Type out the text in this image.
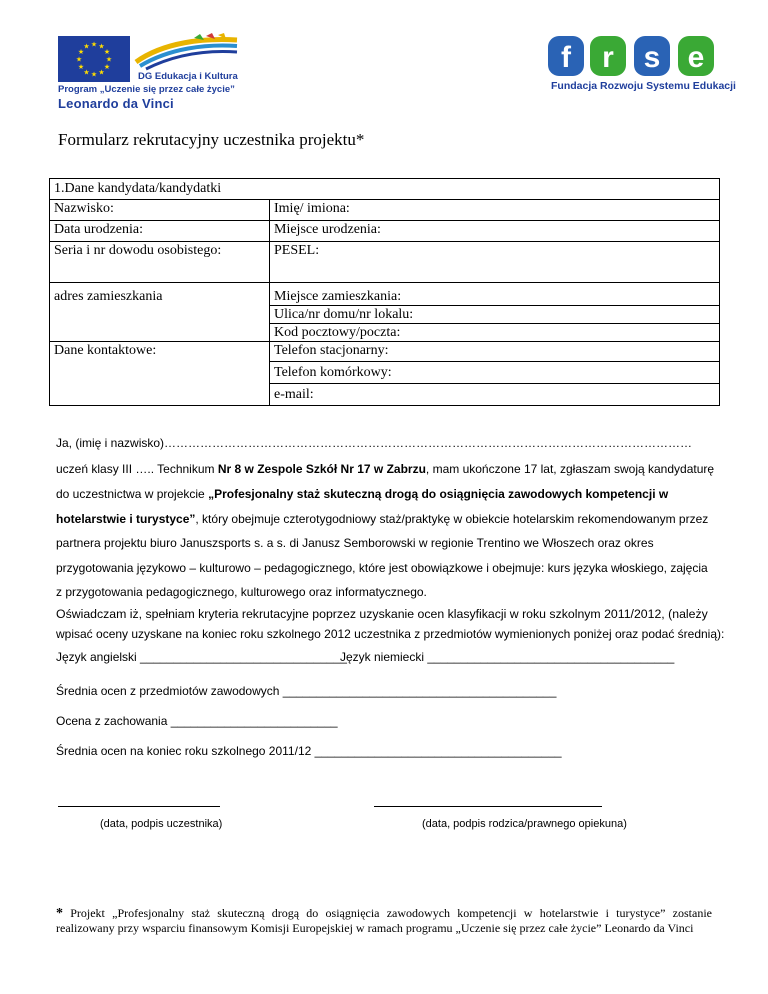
★ ★
★
★
★
★
★
★
★
★
★
★
DG Edukacja i Kultura
Program „Uczenie się przez całe życie”
Leonardo da Vinci
f r s e
Fundacja Rozwoju Systemu Edukacji
Formularz rekrutacyjny uczestnika projektu*
1.Dane kandydata/kandydatki	
Nazwisko:	Imię/ imiona:
Data urodzenia:	Miejsce urodzenia:
Seria i nr dowodu osobistego:	PESEL:
adres zamieszkania	Miejsce zamieszkania:
	Ulica/nr domu/nr lokalu:
	Kod pocztowy/poczta:
Dane kontaktowe:	Telefon stacjonarny:
	Telefon komórkowy:
	e-mail:
Ja, (imię i nazwisko)……………………………………………………………………………………………………………………
uczeń klasy III ….. Technikum Nr 8 w Zespole Szkół Nr 17 w Zabrzu, mam ukończone 17 lat, zgłaszam swoją kandydaturę
do uczestnictwa w projekcie „Profesjonalny staż skuteczną drogą do osiągnięcia zawodowych kompetencji w
hotelarstwie i turystyce”, który obejmuje czterotygodniowy staż/praktykę w obiekcie hotelarskim rekomendowanym przez
partnera projektu biuro Januszsports s. a s. di Janusz Semborowski w regionie Trentino we Włoszech oraz okres
przygotowania językowo – kulturowo – pedagogicznego, które jest obowiązkowe i obejmuje: kurs języka włoskiego, zajęcia
z przygotowania pedagogicznego, kulturowego oraz informatycznego.
Oświadczam iż, spełniam kryteria rekrutacyjne poprzez uzyskanie ocen klasyfikacji w roku szkolnym 2011/2012, (należy
wpisać oceny uzyskane na koniec roku szkolnego 2012 uczestnika z przedmiotów wymienionych poniżej oraz podać średnią):
Język angielski _______________________________
Język niemiecki _____________________________________
Średnia ocen z przedmiotów zawodowych _________________________________________
Ocena z zachowania _________________________
Średnia ocen na koniec roku szkolnego 2011/12 _____________________________________
(data, podpis uczestnika)	(data, podpis rodzica/prawnego opiekuna)
* Projekt „Profesjonalny staż skuteczną drogą do osiągnięcia zawodowych kompetencji w hotelarstwie i turystyce” zostanie realizowany przy wsparciu finansowym Komisji Europejskiej w ramach programu „Uczenie się przez całe życie” Leonardo da Vinci
